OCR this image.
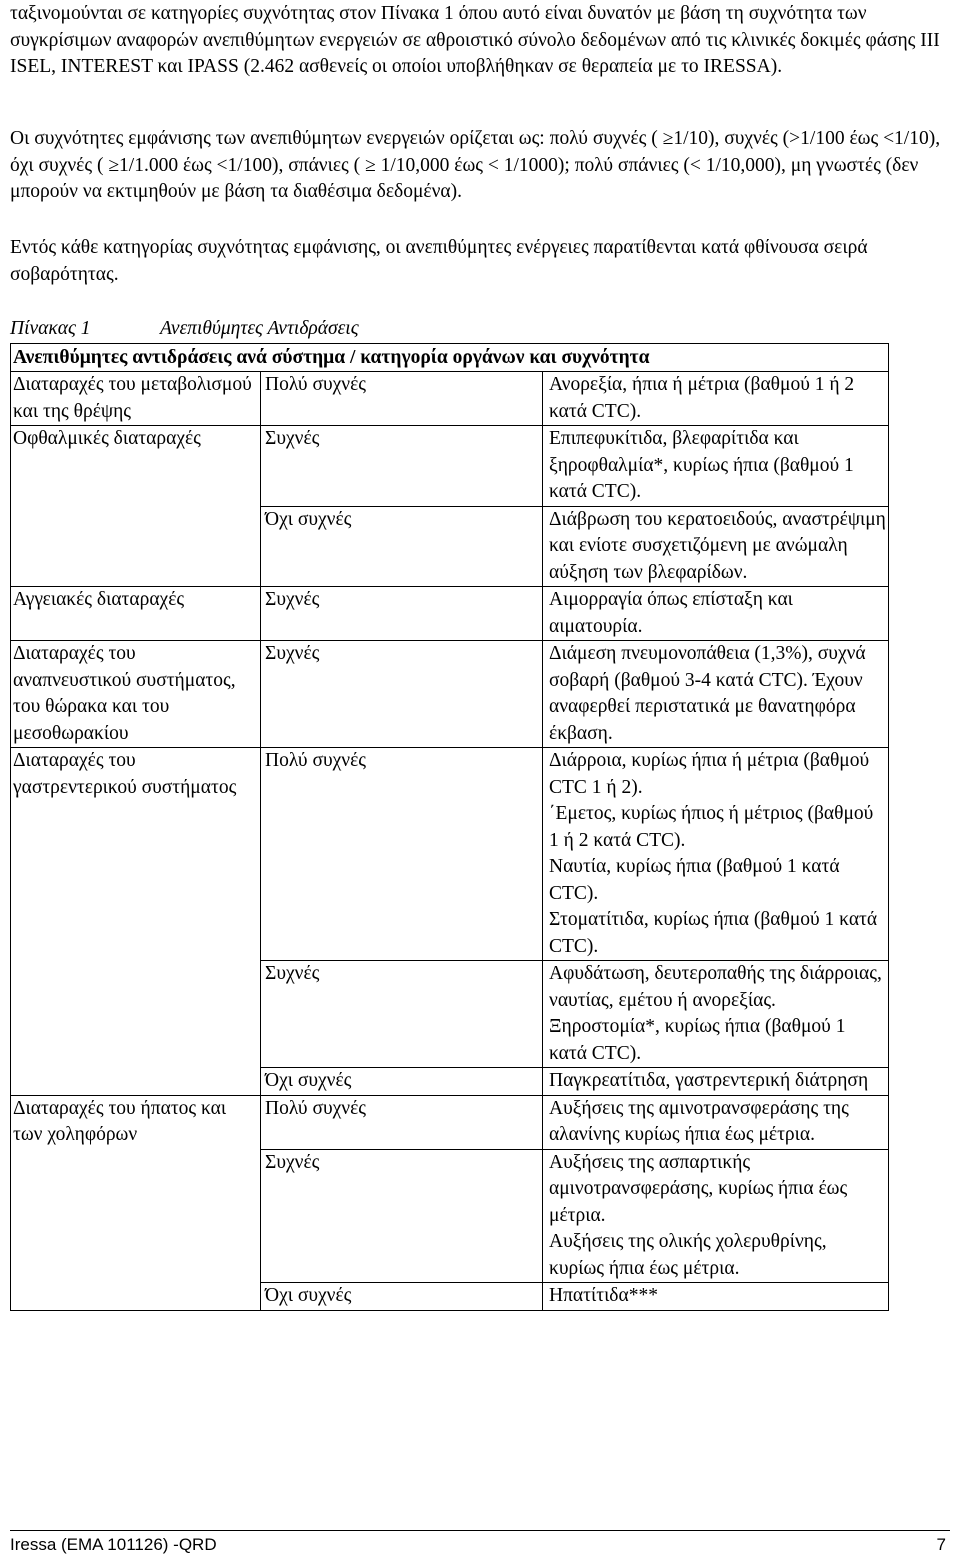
ταξινομούνται σε κατηγορίες συχνότητας στον Πίνακα 1 όπου αυτό είναι δυνατόν με βάση τη συχνότητα των συγκρίσιμων αναφορών ανεπιθύμητων ενεργειών σε αθροιστικό σύνολο δεδομένων από τις κλινικές δοκιμές φάσης III ISEL, INTEREST και IPASS (2.462 ασθενείς οι οποίοι υποβλήθηκαν σε θεραπεία με το IRESSA).

Οι συχνότητες εμφάνισης των ανεπιθύμητων ενεργειών ορίζεται ως: πολύ συχνές ( ≥1/10), συχνές (>1/100 έως <1/10), όχι συχνές ( ≥1/1.000 έως <1/100), σπάνιες ( ≥ 1/10,000 έως < 1/1000); πολύ σπάνιες (< 1/10,000), μη γνωστές (δεν μπορούν να εκτιμηθούν με βάση τα διαθέσιμα δεδομένα).

Εντός κάθε κατηγορίας συχνότητας εμφάνισης, οι ανεπιθύμητες ενέργειες παρατίθενται κατά φθίνουσα σειρά σοβαρότητας.

Πίνακας 1	Ανεπιθύμητες Αντιδράσεις
Ανεπιθύμητες αντιδράσεις ανά σύστημα / κατηγορία οργάνων και συχνότητα		
Διαταραχές του μεταβολισμού και της θρέψης	Πολύ συχνές	Ανορεξία, ήπια ή μέτρια (βαθμού 1 ή 2 κατά CTC).
Οφθαλμικές διαταραχές	Συχνές	Επιπεφυκίτιδα, βλεφαρίτιδα και ξηροφθαλμία*, κυρίως ήπια (βαθμού 1 κατά CTC).
	Όχι συχνές	Διάβρωση του κερατοειδούς, αναστρέψιμη και ενίοτε συσχετιζόμενη με ανώμαλη αύξηση των βλεφαρίδων.
Αγγειακές διαταραχές	Συχνές	Αιμορραγία όπως επίσταξη και αιματουρία.
Διαταραχές του αναπνευστικού συστήματος, του θώρακα και του μεσοθωρακίου	Συχνές	Διάμεση πνευμονοπάθεια (1,3%), συχνά σοβαρή (βαθμού 3-4 κατά CTC). Έχουν αναφερθεί περιστατικά με θανατηφόρα έκβαση.
Διαταραχές του γαστρεντερικού συστήματος	Πολύ συχνές	Διάρροια, κυρίως ήπια ή μέτρια (βαθμού CTC 1 ή 2).
		΄Εμετος, κυρίως ήπιος ή μέτριος (βαθμού 1 ή 2 κατά CTC).
		Ναυτία, κυρίως ήπια (βαθμού 1 κατά CTC).
		Στοματίτιδα, κυρίως ήπια (βαθμού 1 κατά CTC).
	Συχνές	Αφυδάτωση, δευτεροπαθής της διάρροιας, ναυτίας, εμέτου ή ανορεξίας.
		Ξηροστομία*, κυρίως ήπια (βαθμού 1 κατά CTC).
	Όχι συχνές	Παγκρεατίτιδα, γαστρεντερική διάτρηση
Διαταραχές του ήπατος και των χοληφόρων	Πολύ συχνές	Αυξήσεις της αμινοτρανσφεράσης της αλανίνης κυρίως ήπια έως μέτρια.
	Συχνές	Αυξήσεις της ασπαρτικής αμινοτρανσφεράσης, κυρίως ήπια έως μέτρια.
		Αυξήσεις της ολικής χολερυθρίνης, κυρίως ήπια έως μέτρια.
	Όχι συχνές	Ηπατίτιδα***
Iressa (EMA 101126) -QRD	7
